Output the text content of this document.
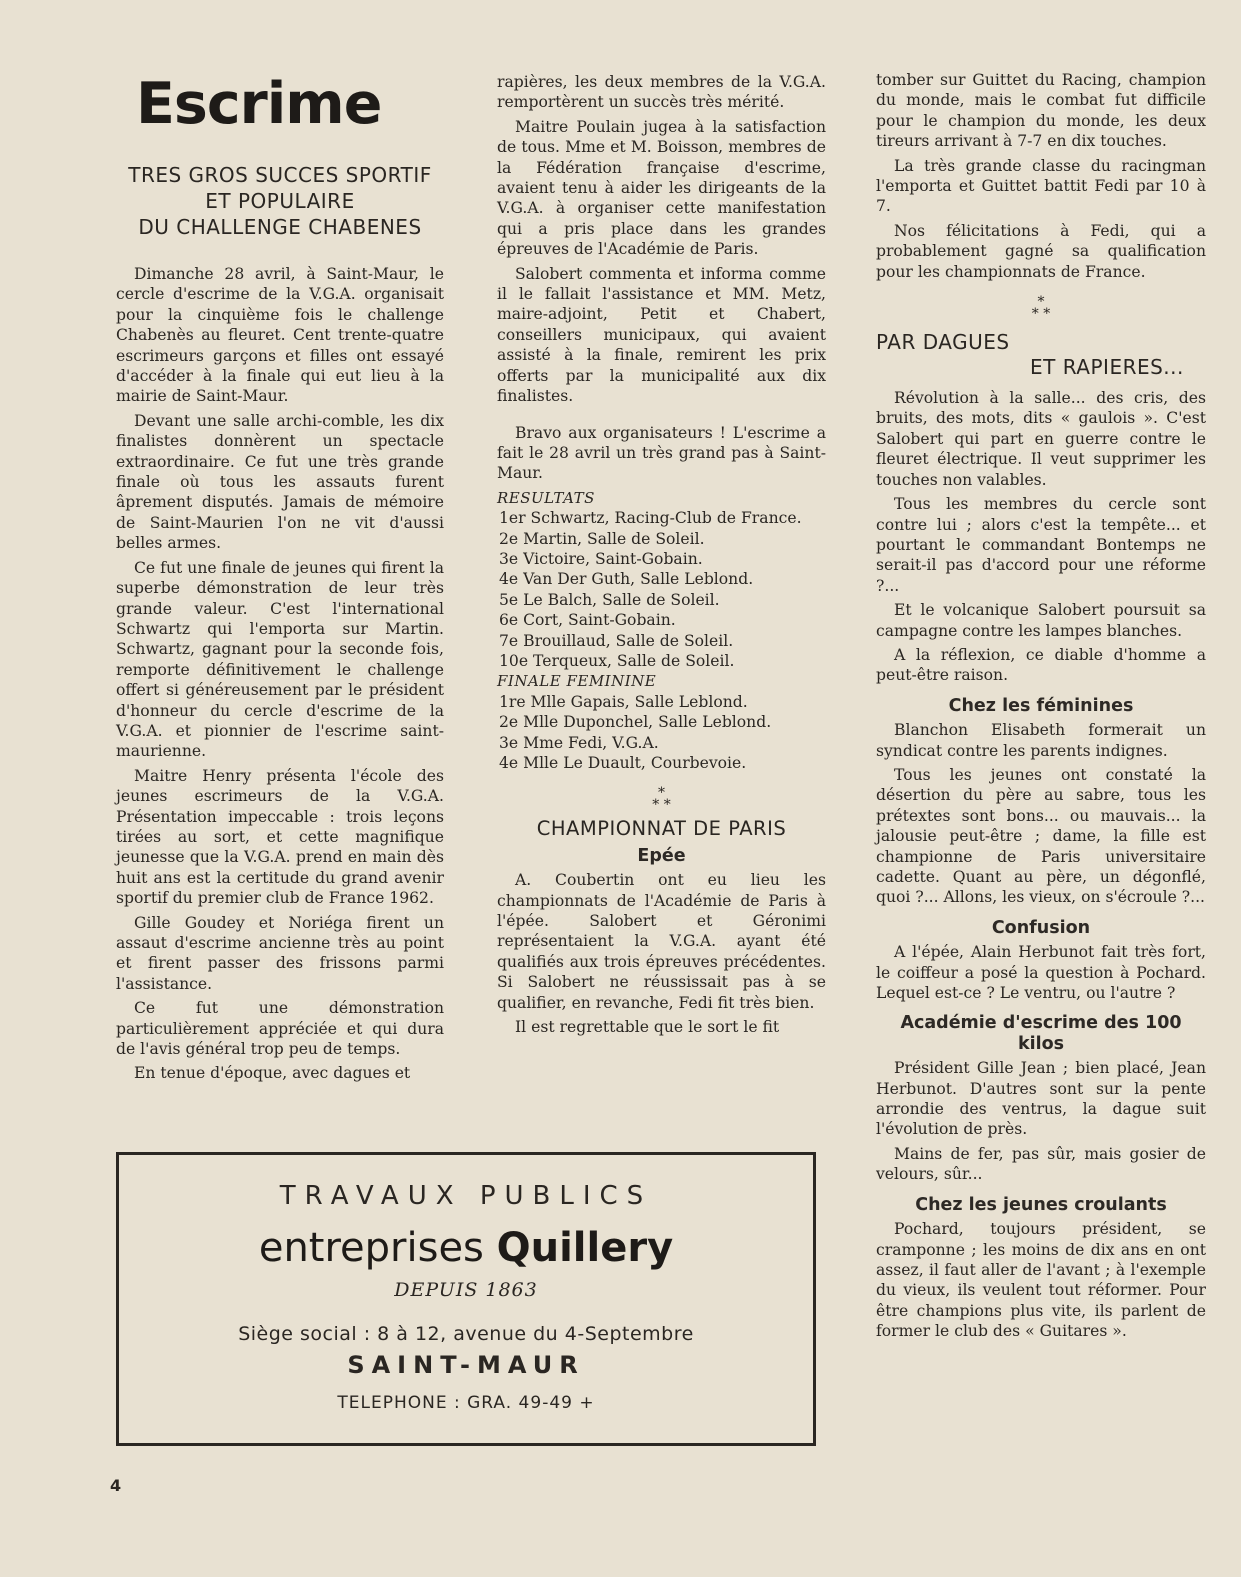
Escrime
TRES GROS SUCCES SPORTIF
ET POPULAIRE
DU CHALLENGE CHABENES

Dimanche 28 avril, à Saint-Maur, le cercle d'escrime de la V.G.A. organisait pour la cinquième fois le challenge Chabenès au fleuret. Cent trente-quatre escrimeurs garçons et filles ont essayé d'accéder à la finale qui eut lieu à la mairie de Saint-Maur.

Devant une salle archi-comble, les dix finalistes donnèrent un spectacle extraordinaire. Ce fut une très grande finale où tous les assauts furent âprement disputés. Jamais de mémoire de Saint-Maurien l'on ne vit d'aussi belles armes.

Ce fut une finale de jeunes qui firent la superbe démonstration de leur très grande valeur. C'est l'international Schwartz qui l'emporta sur Martin. Schwartz, gagnant pour la seconde fois, remporte définitivement le challenge offert si généreusement par le président d'honneur du cercle d'escrime de la V.G.A. et pionnier de l'escrime saint-maurienne.

Maitre Henry présenta l'école des jeunes escrimeurs de la V.G.A. Présentation impeccable : trois leçons tirées au sort, et cette magnifique jeunesse que la V.G.A. prend en main dès huit ans est la certitude du grand avenir sportif du premier club de France 1962.

Gille Goudey et Noriéga firent un assaut d'escrime ancienne très au point et firent passer des frissons parmi l'assistance.

Ce fut une démonstration particulièrement appréciée et qui dura de l'avis général trop peu de temps.

En tenue d'époque, avec dagues et

rapières, les deux membres de la V.G.A. remportèrent un succès très mérité.

Maitre Poulain jugea à la satisfaction de tous. Mme et M. Boisson, membres de la Fédération française d'escrime, avaient tenu à aider les dirigeants de la V.G.A. à organiser cette manifestation qui a pris place dans les grandes épreuves de l'Académie de Paris.

Salobert commenta et informa comme il le fallait l'assistance et MM. Metz, maire-adjoint, Petit et Chabert, conseillers municipaux, qui avaient assisté à la finale, remirent les prix offerts par la municipalité aux dix finalistes.

Bravo aux organisateurs ! L'escrime a fait le 28 avril un très grand pas à Saint-Maur.

RESULTATS
1er Schwartz, Racing-Club de France.
2e Martin, Salle de Soleil.
3e Victoire, Saint-Gobain.
4e Van Der Guth, Salle Leblond.
5e Le Balch, Salle de Soleil.
6e Cort, Saint-Gobain.
7e Brouillaud, Salle de Soleil.
10e Terqueux, Salle de Soleil.
FINALE FEMININE
1re Mlle Gapais, Salle Leblond.
2e Mlle Duponchel, Salle Leblond.
3e Mme Fedi, V.G.A.
4e Mlle Le Duault, Courbevoie.
*
* *
CHAMPIONNAT DE PARIS
Epée

A. Coubertin ont eu lieu les championnats de l'Académie de Paris à l'épée. Salobert et Géronimi représentaient la V.G.A. ayant été qualifiés aux trois épreuves précédentes. Si Salobert ne réussissait pas à se qualifier, en revanche, Fedi fit très bien.

Il est regrettable que le sort le fit

tomber sur Guittet du Racing, champion du monde, mais le combat fut difficile pour le champion du monde, les deux tireurs arrivant à 7-7 en dix touches.

La très grande classe du racingman l'emporta et Guittet battit Fedi par 10 à 7.

Nos félicitations à Fedi, qui a probablement gagné sa qualification pour les championnats de France.

*
* *
PAR DAGUES
ET RAPIERES...

Révolution à la salle... des cris, des bruits, des mots, dits « gaulois ». C'est Salobert qui part en guerre contre le fleuret électrique. Il veut supprimer les touches non valables.

Tous les membres du cercle sont contre lui ; alors c'est la tempête... et pourtant le commandant Bontemps ne serait-il pas d'accord pour une réforme ?...

Et le volcanique Salobert poursuit sa campagne contre les lampes blanches.

A la réflexion, ce diable d'homme a peut-être raison.

Chez les féminines

Blanchon Elisabeth formerait un syndicat contre les parents indignes.

Tous les jeunes ont constaté la désertion du père au sabre, tous les prétextes sont bons... ou mauvais... la jalousie peut-être ; dame, la fille est championne de Paris universitaire cadette. Quant au père, un dégonflé, quoi ?... Allons, les vieux, on s'écroule ?...

Confusion

A l'épée, Alain Herbunot fait très fort, le coiffeur a posé la question à Pochard. Lequel est-ce ? Le ventru, ou l'autre ?

Académie d'escrime des 100 kilos

Président Gille Jean ; bien placé, Jean Herbunot. D'autres sont sur la pente arrondie des ventrus, la dague suit l'évolution de près.

Mains de fer, pas sûr, mais gosier de velours, sûr...

Chez les jeunes croulants

Pochard, toujours président, se cramponne ; les moins de dix ans en ont assez, il faut aller de l'avant ; à l'exemple du vieux, ils veulent tout réformer. Pour être champions plus vite, ils parlent de former le club des « Guitares ».

TRAVAUX PUBLICS
entreprises Quillery
DEPUIS 1863
Siège social : 8 à 12, avenue du 4-Septembre
SAINT-MAUR
TELEPHONE : GRA. 49-49 +
4
